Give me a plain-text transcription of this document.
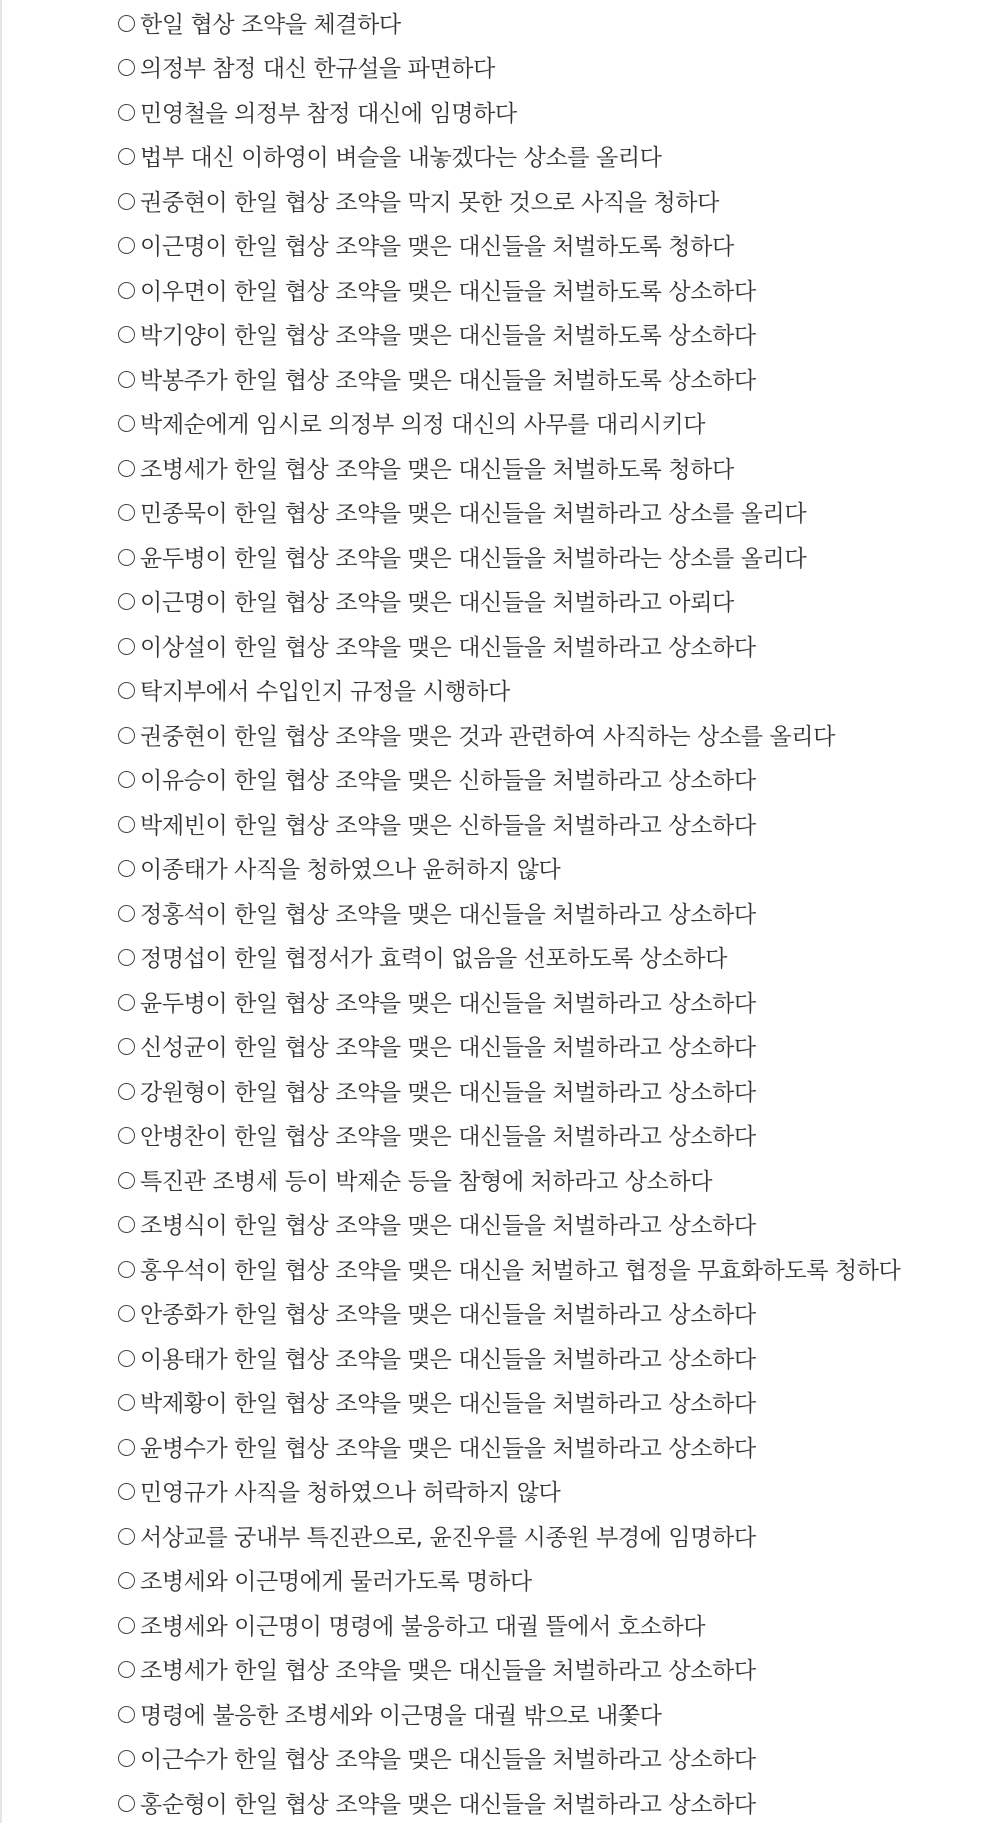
한일 협상 조약을 체결하다
의정부 참정 대신 한규설을 파면하다
민영철을 의정부 참정 대신에 임명하다
법부 대신 이하영이 벼슬을 내놓겠다는 상소를 올리다
권중현이 한일 협상 조약을 막지 못한 것으로 사직을 청하다
이근명이 한일 협상 조약을 맺은 대신들을 처벌하도록 청하다
이우면이 한일 협상 조약을 맺은 대신들을 처벌하도록 상소하다
박기양이 한일 협상 조약을 맺은 대신들을 처벌하도록 상소하다
박봉주가 한일 협상 조약을 맺은 대신들을 처벌하도록 상소하다
박제순에게 임시로 의정부 의정 대신의 사무를 대리시키다
조병세가 한일 협상 조약을 맺은 대신들을 처벌하도록 청하다
민종묵이 한일 협상 조약을 맺은 대신들을 처벌하라고 상소를 올리다
윤두병이 한일 협상 조약을 맺은 대신들을 처벌하라는 상소를 올리다
이근명이 한일 협상 조약을 맺은 대신들을 처벌하라고 아뢰다
이상설이 한일 협상 조약을 맺은 대신들을 처벌하라고 상소하다
탁지부에서 수입인지 규정을 시행하다
권중현이 한일 협상 조약을 맺은 것과 관련하여 사직하는 상소를 올리다
이유승이 한일 협상 조약을 맺은 신하들을 처벌하라고 상소하다
박제빈이 한일 협상 조약을 맺은 신하들을 처벌하라고 상소하다
이종태가 사직을 청하였으나 윤허하지 않다
정홍석이 한일 협상 조약을 맺은 대신들을 처벌하라고 상소하다
정명섭이 한일 협정서가 효력이 없음을 선포하도록 상소하다
윤두병이 한일 협상 조약을 맺은 대신들을 처벌하라고 상소하다
신성균이 한일 협상 조약을 맺은 대신들을 처벌하라고 상소하다
강원형이 한일 협상 조약을 맺은 대신들을 처벌하라고 상소하다
안병찬이 한일 협상 조약을 맺은 대신들을 처벌하라고 상소하다
특진관 조병세 등이 박제순 등을 참형에 처하라고 상소하다
조병식이 한일 협상 조약을 맺은 대신들을 처벌하라고 상소하다
홍우석이 한일 협상 조약을 맺은 대신을 처벌하고 협정을 무효화하도록 청하다
안종화가 한일 협상 조약을 맺은 대신들을 처벌하라고 상소하다
이용태가 한일 협상 조약을 맺은 대신들을 처벌하라고 상소하다
박제황이 한일 협상 조약을 맺은 대신들을 처벌하라고 상소하다
윤병수가 한일 협상 조약을 맺은 대신들을 처벌하라고 상소하다
민영규가 사직을 청하였으나 허락하지 않다
서상교를 궁내부 특진관으로, 윤진우를 시종원 부경에 임명하다
조병세와 이근명에게 물러가도록 명하다
조병세와 이근명이 명령에 불응하고 대궐 뜰에서 호소하다
조병세가 한일 협상 조약을 맺은 대신들을 처벌하라고 상소하다
명령에 불응한 조병세와 이근명을 대궐 밖으로 내쫓다
이근수가 한일 협상 조약을 맺은 대신들을 처벌하라고 상소하다
홍순형이 한일 협상 조약을 맺은 대신들을 처벌하라고 상소하다
